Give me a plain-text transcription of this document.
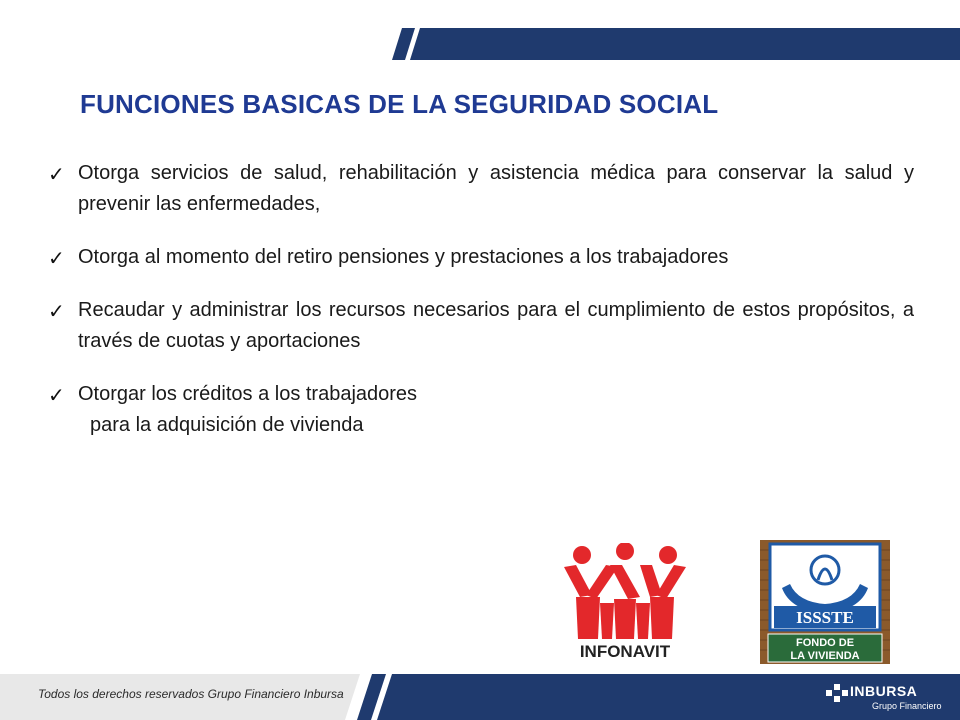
FUNCIONES BASICAS DE LA SEGURIDAD SOCIAL
✓ Otorga servicios de salud, rehabilitación y asistencia médica para conservar la salud y prevenir las enfermedades,
✓ Otorga al momento del retiro pensiones y prestaciones a los trabajadores
✓ Recaudar y administrar los recursos necesarios para el cumplimiento de estos propósitos, a través de cuotas y aportaciones
✓ Otorgar los créditos a los trabajadores
para la adquisición de vivienda
INFONAVIT
ISSSTE
FONDO DE
LA VIVIENDA
Todos los derechos reservados Grupo Financiero Inbursa	INBURSA
Grupo Financiero
